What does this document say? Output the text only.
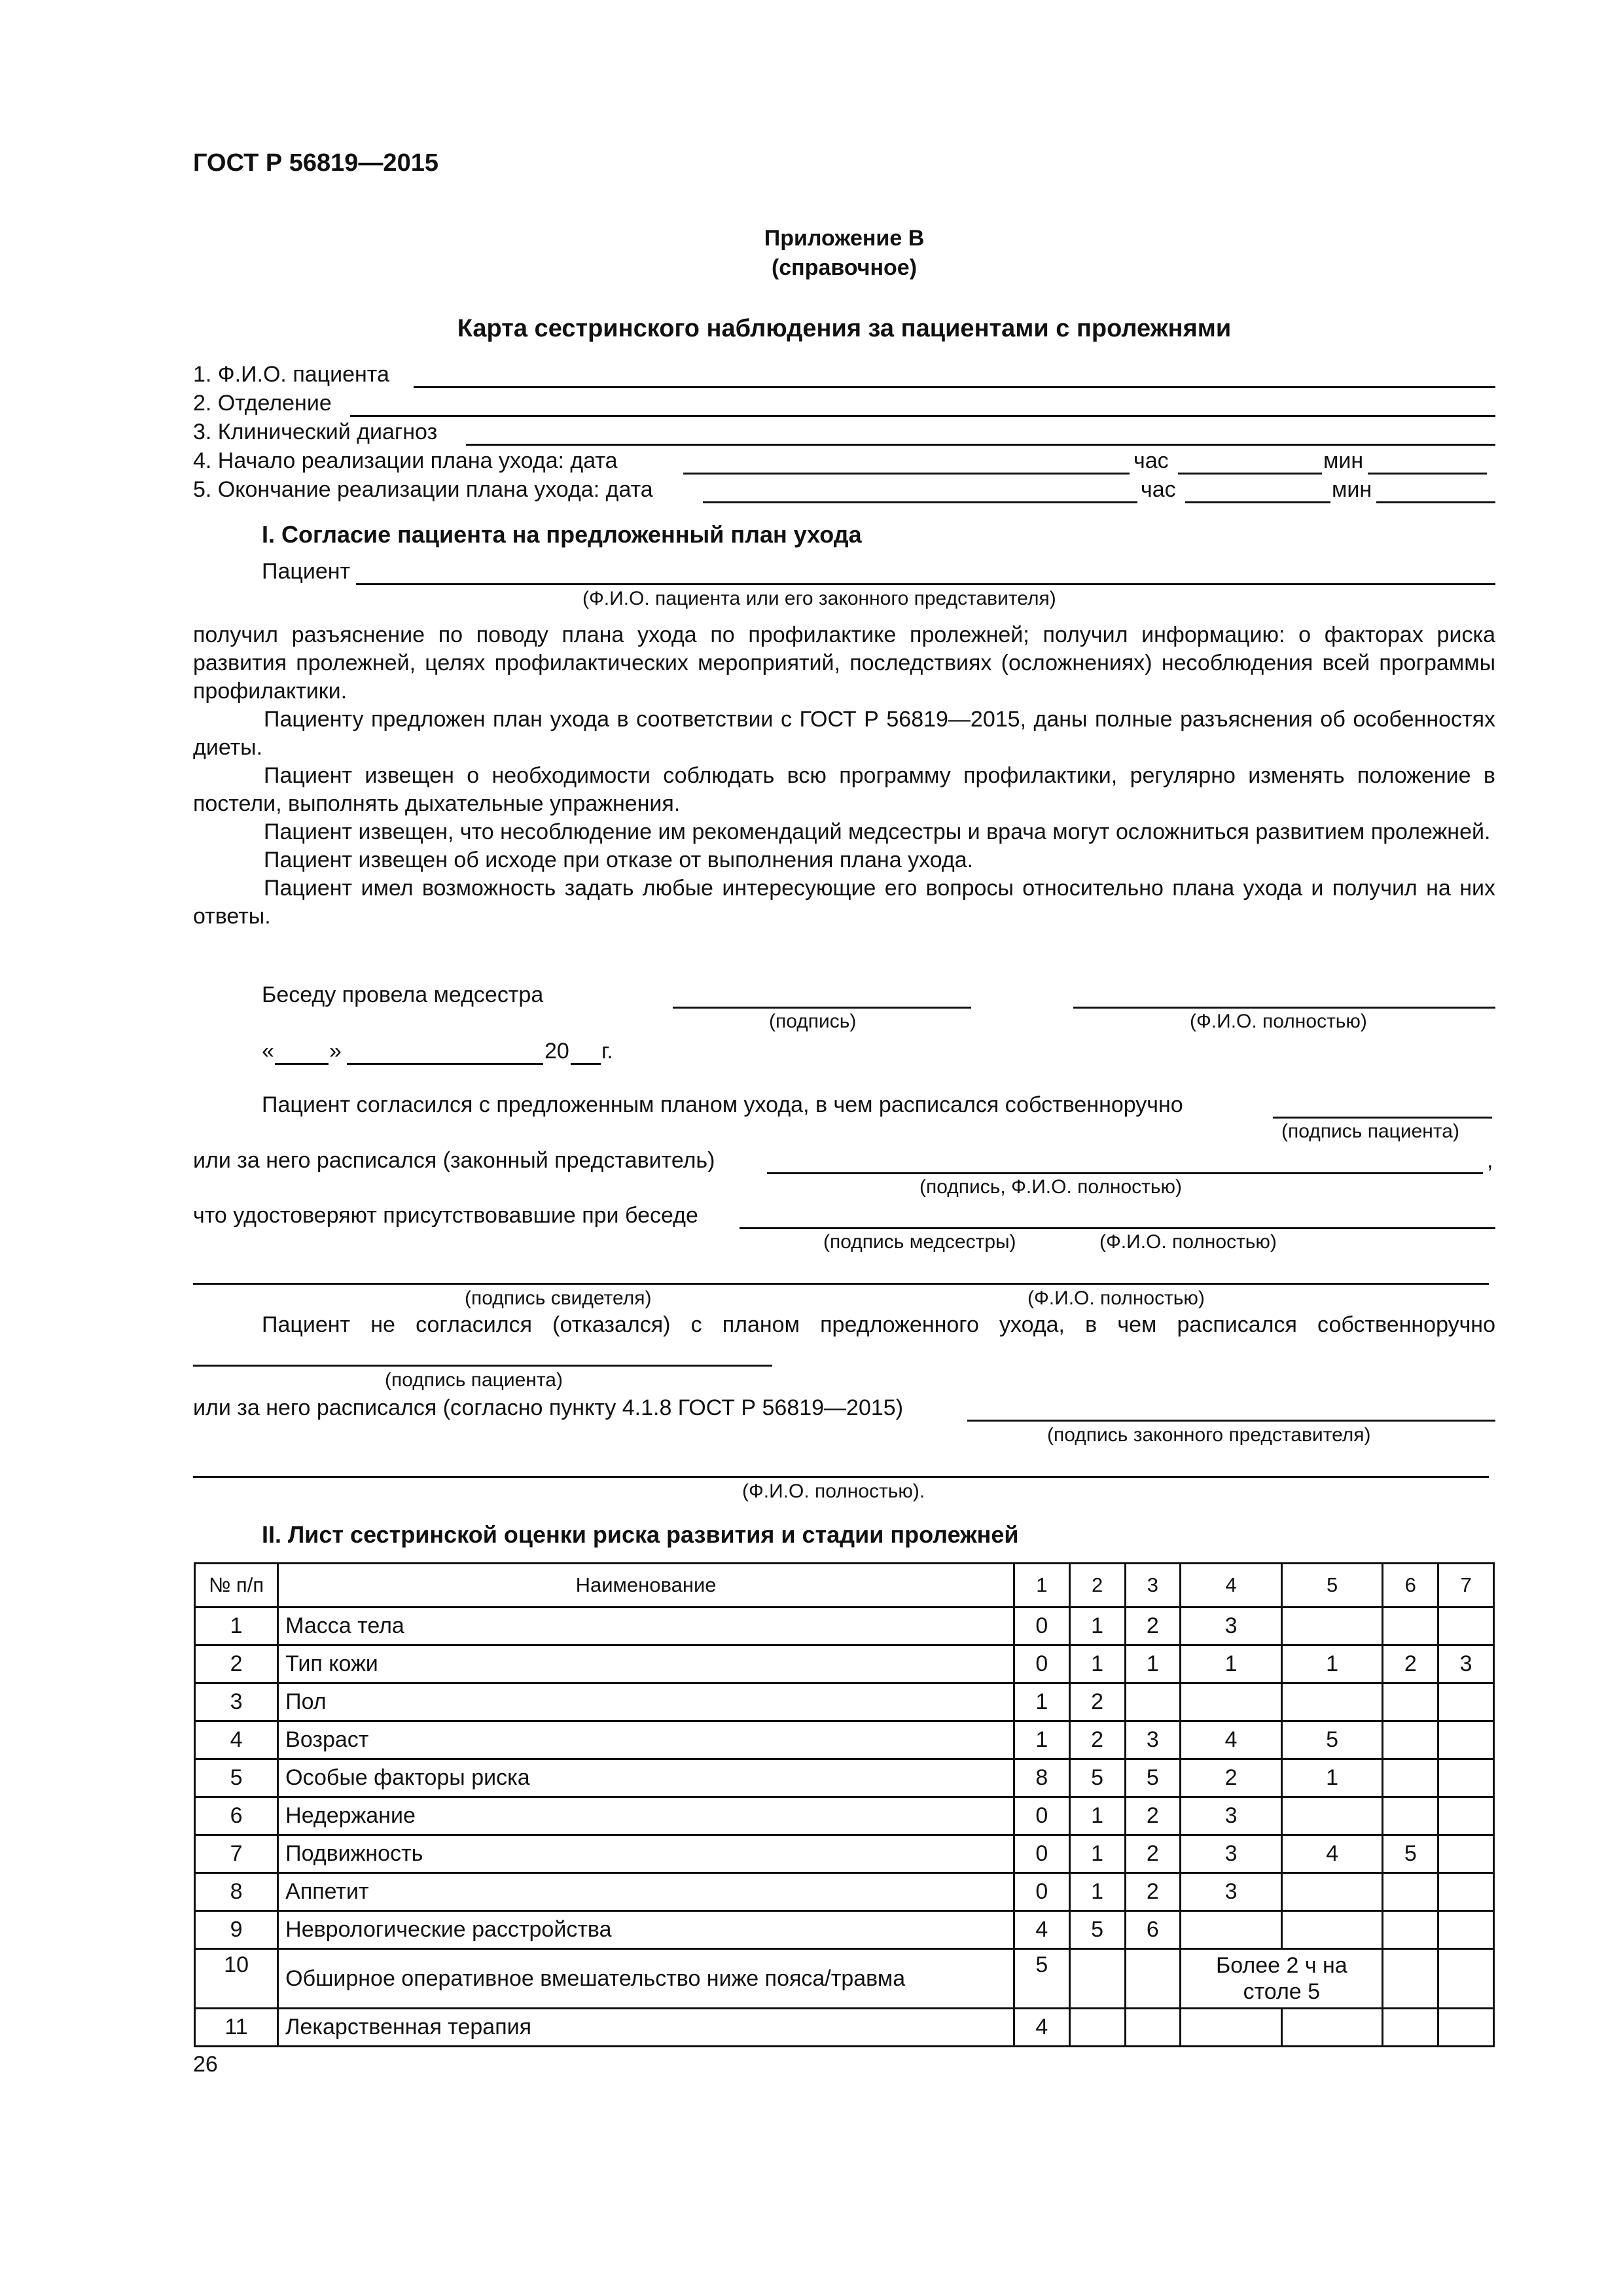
ГОСТ Р 56819—2015
Приложение В
(справочное)
Карта сестринского наблюдения за пациентами с пролежнями
1. Ф.И.О. пациента
2. Отделение
3. Клинический диагноз
4. Начало реализации плана ухода: дата	час	мин
5. Окончание реализации плана ухода: дата	час	мин
I. Согласие пациента на предложенный план ухода
Пациент
(Ф.И.О. пациента или его законного представителя)

получил разъяснение по поводу плана ухода по профилактике пролежней; получил информацию: о факторах риска развития пролежней, целях профилактических мероприятий, последствиях (осложнениях) несоблюдения всей программы профилактики.

Пациенту предложен план ухода в соответствии с ГОСТ Р 56819—2015, даны полные разъяснения об особенностях диеты.

Пациент извещен о необходимости соблюдать всю программу профилактики, регулярно изменять положение в постели, выполнять дыхательные упражнения.

Пациент извещен, что несоблюдение им рекомендаций медсестры и врача могут осложниться развитием пролежней.

Пациент извещен об исходе при отказе от выполнения плана ухода.

Пациент имел возможность задать любые интересующие его вопросы относительно плана ухода и получил на них ответы.

Беседу провела медсестра
(подпись)	(Ф.И.О. полностью)
« »	20 г.
Пациент согласился с предложенным планом ухода, в чем расписался собственноручно
(подпись пациента)
или за него расписался (законный представитель)	,
(подпись, Ф.И.О. полностью)
что удостоверяют присутствовавшие при беседе
(подпись медсестры)	(Ф.И.О. полностью)
(подпись свидетеля)	(Ф.И.О. полностью)
Пациент не согласился (отказался) с планом предложенного ухода, в чем расписался собственноручно
(подпись пациента)
или за него расписался (согласно пункту 4.1.8 ГОСТ Р 56819—2015)
(подпись законного представителя)
(Ф.И.О. полностью).
II. Лист сестринской оценки риска развития и стадии пролежней
№ п/п	Наименование	1	2	3	4	5	6	7
1	Масса тела	0	1	2	3			
2	Тип кожи	0	1	1	1	1	2	3
3	Пол	1	2					
4	Возраст	1	2	3	4	5		
5	Особые факторы риска	8	5	5	2	1		
6	Недержание	0	1	2	3			
7	Подвижность	0	1	2	3	4	5	
8	Аппетит	0	1	2	3			
9	Неврологические расстройства	4	5	6				
10	Обширное оперативное вмешательство ниже пояса/травма	5			Более 2 ч на столе 5			
11	Лекарственная терапия	4						
26
